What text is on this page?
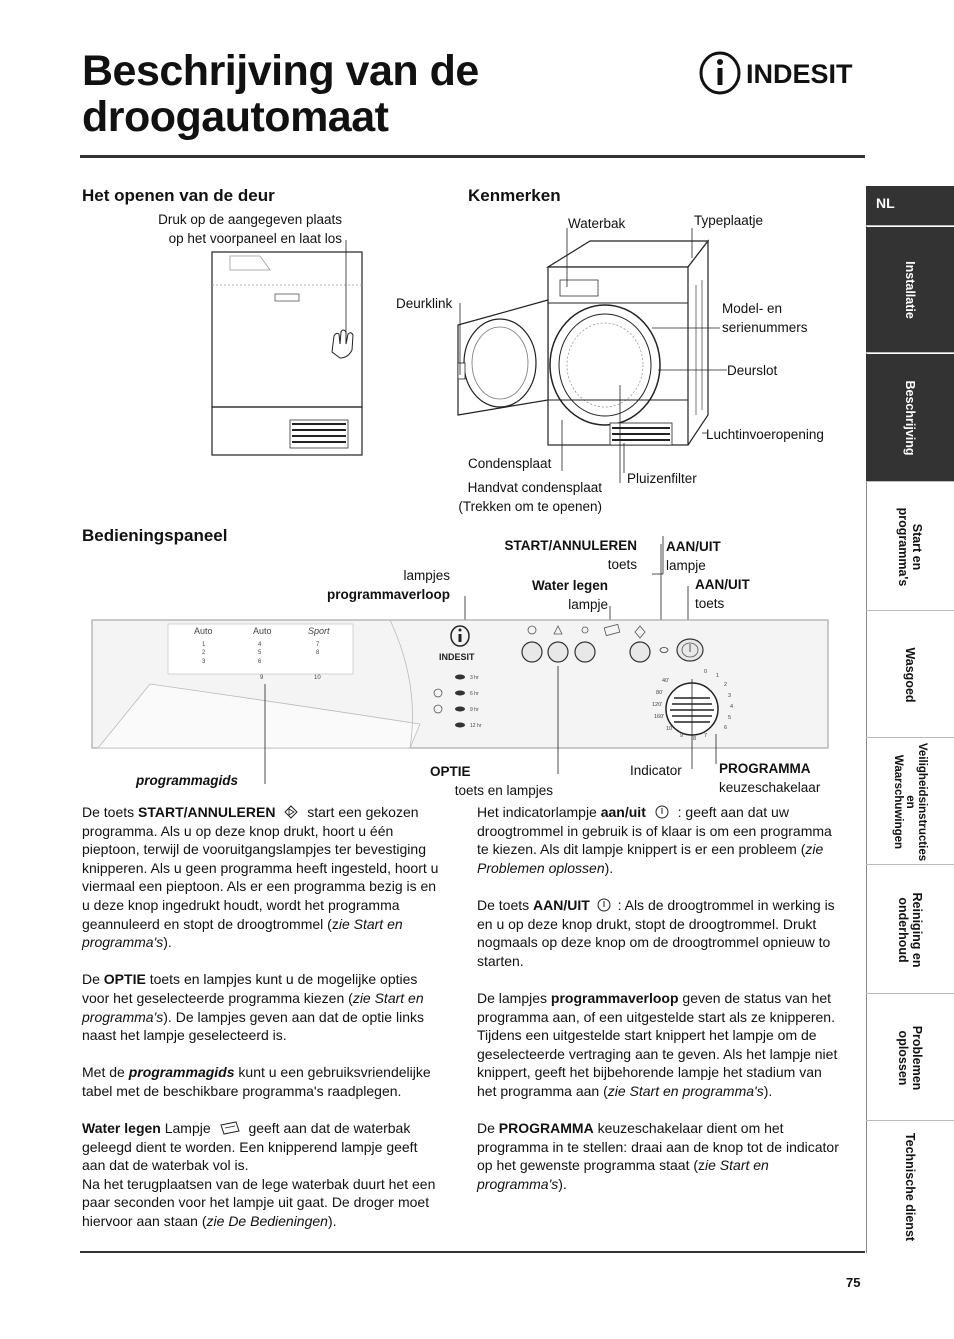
Beschrijving van de
droogautomaat
INDESIT
NL
Installatie
Beschrijving
Start en
programma's
Wasgoed
Veiligheidsinstructies
en
Waarschuwingen
Reiniging en
onderhoud
Problemen
oplossen
Technische dienst
Het openen van de deur
Druk op de aangegeven plaats
op het voorpaneel en laat los
Kenmerken
Waterbak	Typeplaatje
Deurklink	Model- en
serienummers
Deurslot
Luchtinvoeropening
Condensplaat
Pluizenfilter
Handvat condensplaat
(Trekken om te openen)
Bedieningspaneel
lampjes
programmaverloop
START/ANNULEREN
toets
Water legen
lampje
AAN/UIT
lampje
AAN/UIT
toets
Auto	Auto	Sport
1
2
3
4
5
6
7
8
9	10
INDESIT
3 hr
6 hr
9 hr
12 hr
0
1
2
3
4
5
6
7
8
9
10
40'
80'
120'
160'
programmagids
OPTIE
toets en lampjes
Indicator	PROGRAMMA
keuzeschakelaar

De toets START/ANNULEREN  start een gekozen programma. Als u op deze knop drukt, hoort u één pieptoon, terwijl de vooruitgangslampjes ter bevestiging knipperen. Als u geen programma heeft ingesteld, hoort u viermaal een pieptoon. Als er een programma bezig is en u deze knop ingedrukt houdt, wordt het programma geannuleerd en stopt de droogtrommel (zie Start en programma's).

De OPTIE toets en lampjes kunt u de mogelijke opties voor het geselecteerde programma kiezen (zie Start en programma's). De lampjes geven aan dat de optie links naast het lampje geselecteerd is.

Met de programmagids kunt u een gebruiksvriendelijke tabel met de beschikbare programma's raadplegen.

Water legen Lampje  geeft aan dat de waterbak geleegd dient te worden. Een knipperend lampje geeft aan dat de waterbak vol is.
Na het terugplaatsen van de lege waterbak duurt het een paar seconden voor het lampje uit gaat. De droger moet hiervoor aan staan (zie De Bedieningen).

Het indicatorlampje aan/uit  : geeft aan dat uw droogtrommel in gebruik is of klaar is om een programma te kiezen. Als dit lampje knippert is er een probleem (zie Problemen oplossen).

De toets AAN/UIT  : Als de droogtrommel in werking is en u op deze knop drukt, stopt de droogtrommel. Drukt nogmaals op deze knop om de droogtrommel opnieuw to starten.

De lampjes programmaverloop geven de status van het programma aan, of een uitgestelde start als ze knipperen. Tijdens een uitgestelde start knippert het lampje om de geselecteerde vertraging aan te geven. Als het lampje niet knippert, geeft het bijbehorende lampje het stadium van het programma aan (zie Start en programma's).

De PROGRAMMA keuzeschakelaar dient om het programma in te stellen: draai aan de knop tot de indicator op het gewenste programma staat (zie Start en programma's).

75
